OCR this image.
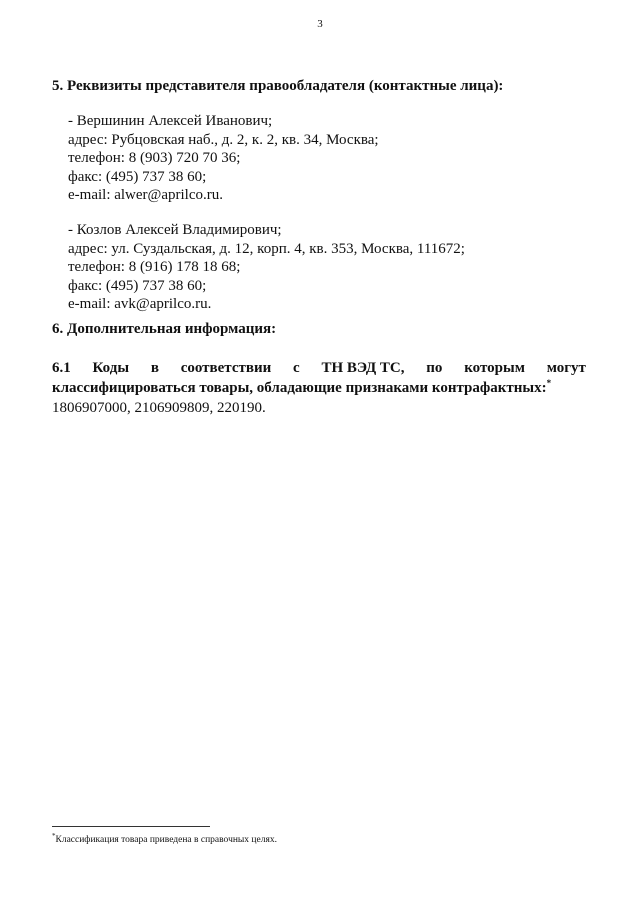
3
5. Реквизиты представителя правообладателя (контактные лица):
- Вершинин Алексей Иванович;
адрес: Рубцовская наб., д. 2, к. 2, кв. 34, Москва;
телефон: 8 (903) 720 70 36;
факс: (495) 737 38 60;
e-mail: alwer@aprilco.ru.
- Козлов Алексей Владимирович;
адрес: ул. Суздальская, д. 12, корп. 4, кв. 353, Москва, 111672;
телефон: 8 (916) 178 18 68;
факс: (495) 737 38 60;
e-mail: avk@aprilco.ru.
6. Дополнительная информация:
6.1 Коды в соответствии с ТН ВЭД ТС, по которым могут
классифицироваться товары, обладающие признаками контрафактных:*
1806907000, 2106909809, 220190.
*Классификация товара приведена в справочных целях.
